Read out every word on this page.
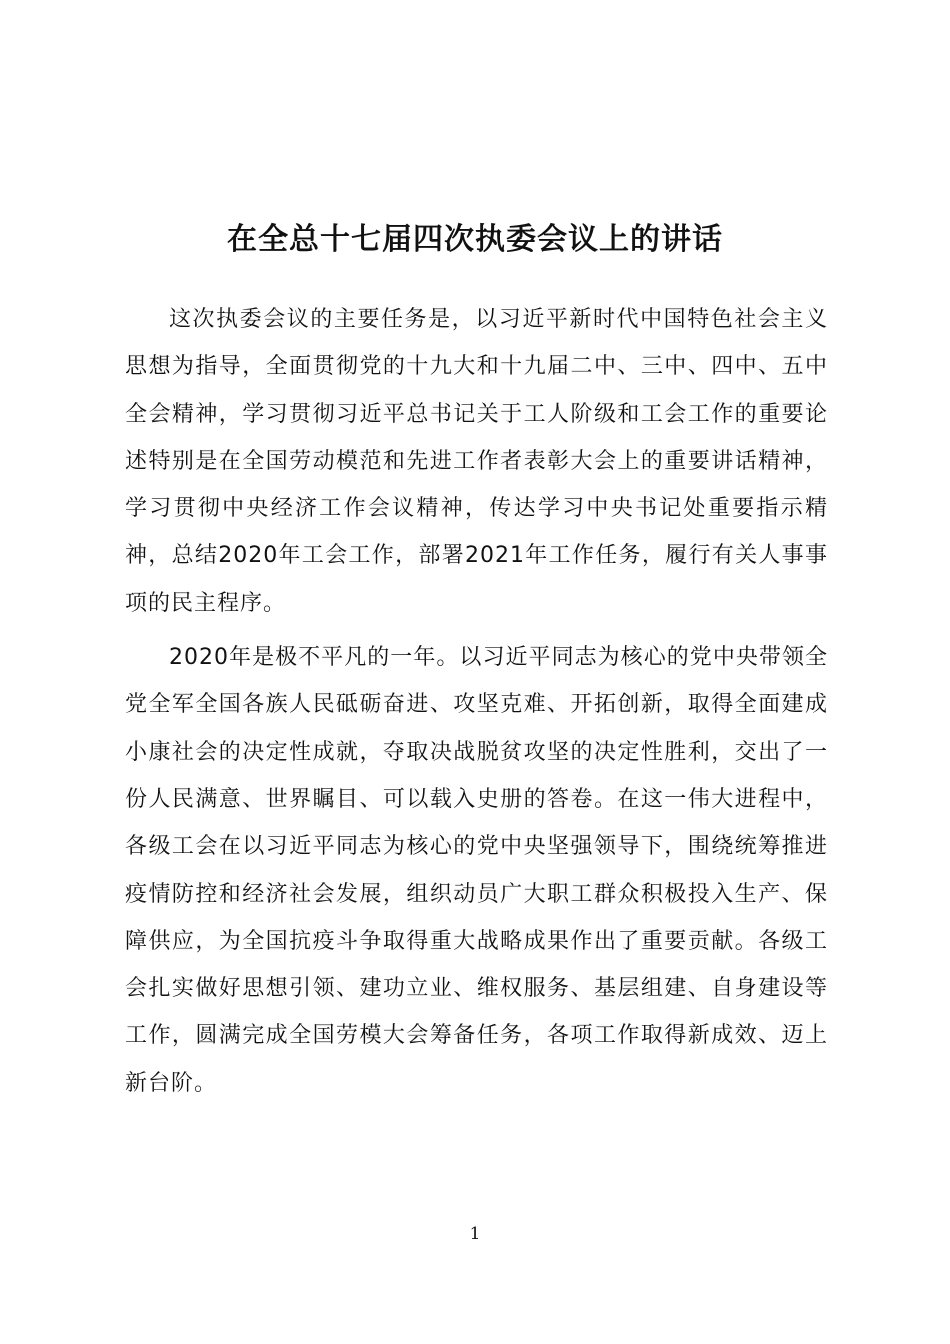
在全总十七届四次执委会议上的讲话

这次执委会议的主要任务是，以习近平新时代中国特色社会主义思想为指导，全面贯彻党的十九大和十九届二中、三中、四中、五中全会精神，学习贯彻习近平总书记关于工人阶级和工会工作的重要论述特别是在全国劳动模范和先进工作者表彰大会上的重要讲话精神，学习贯彻中央经济工作会议精神，传达学习中央书记处重要指示精神，总结2020年工会工作，部署2021年工作任务，履行有关人事事项的民主程序。

2020年是极不平凡的一年。以习近平同志为核心的党中央带领全党全军全国各族人民砥砺奋进、攻坚克难、开拓创新，取得全面建成小康社会的决定性成就，夺取决战脱贫攻坚的决定性胜利，交出了一份人民满意、世界瞩目、可以载入史册的答卷。在这一伟大进程中，各级工会在以习近平同志为核心的党中央坚强领导下，围绕统筹推进疫情防控和经济社会发展，组织动员广大职工群众积极投入生产、保障供应，为全国抗疫斗争取得重大战略成果作出了重要贡献。各级工会扎实做好思想引领、建功立业、维权服务、基层组建、自身建设等工作，圆满完成全国劳模大会筹备任务，各项工作取得新成效、迈上新台阶。

1
